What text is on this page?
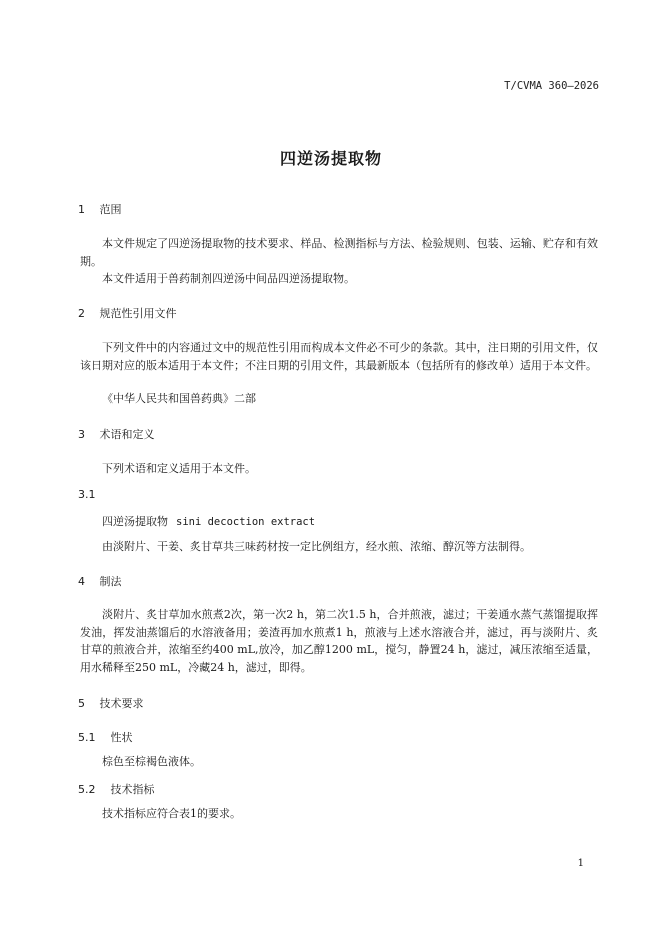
T/CVMA 360—2026
四逆汤提取物
1 范围

本文件规定了四逆汤提取物的技术要求、样品、检测指标与方法、检验规则、包装、运输、贮存和有效期。

本文件适用于兽药制剂四逆汤中间品四逆汤提取物。

2 规范性引用文件

下列文件中的内容通过文中的规范性引用而构成本文件必不可少的条款。其中，注日期的引用文件，仅该日期对应的版本适用于本文件；不注日期的引用文件，其最新版本（包括所有的修改单）适用于本文件。

《中华人民共和国兽药典》二部

3 术语和定义

下列术语和定义适用于本文件。

3.1
四逆汤提取物 sini decoction extract

由淡附片、干姜、炙甘草共三味药材按一定比例组方，经水煎、浓缩、醇沉等方法制得。

4 制法

淡附片、炙甘草加水煎煮2次，第一次2 h，第二次1.5 h，合并煎液，滤过；干姜通水蒸气蒸馏提取挥发油，挥发油蒸馏后的水溶液备用；姜渣再加水煎煮1 h，煎液与上述水溶液合并，滤过，再与淡附片、炙甘草的煎液合并，浓缩至约400 mL,放冷，加乙醇1200 mL，搅匀，静置24 h，滤过，减压浓缩至适量，用水稀释至250 mL，冷藏24 h，滤过，即得。

5 技术要求
5.1 性状

棕色至棕褐色液体。

5.2 技术指标

技术指标应符合表1的要求。

1
